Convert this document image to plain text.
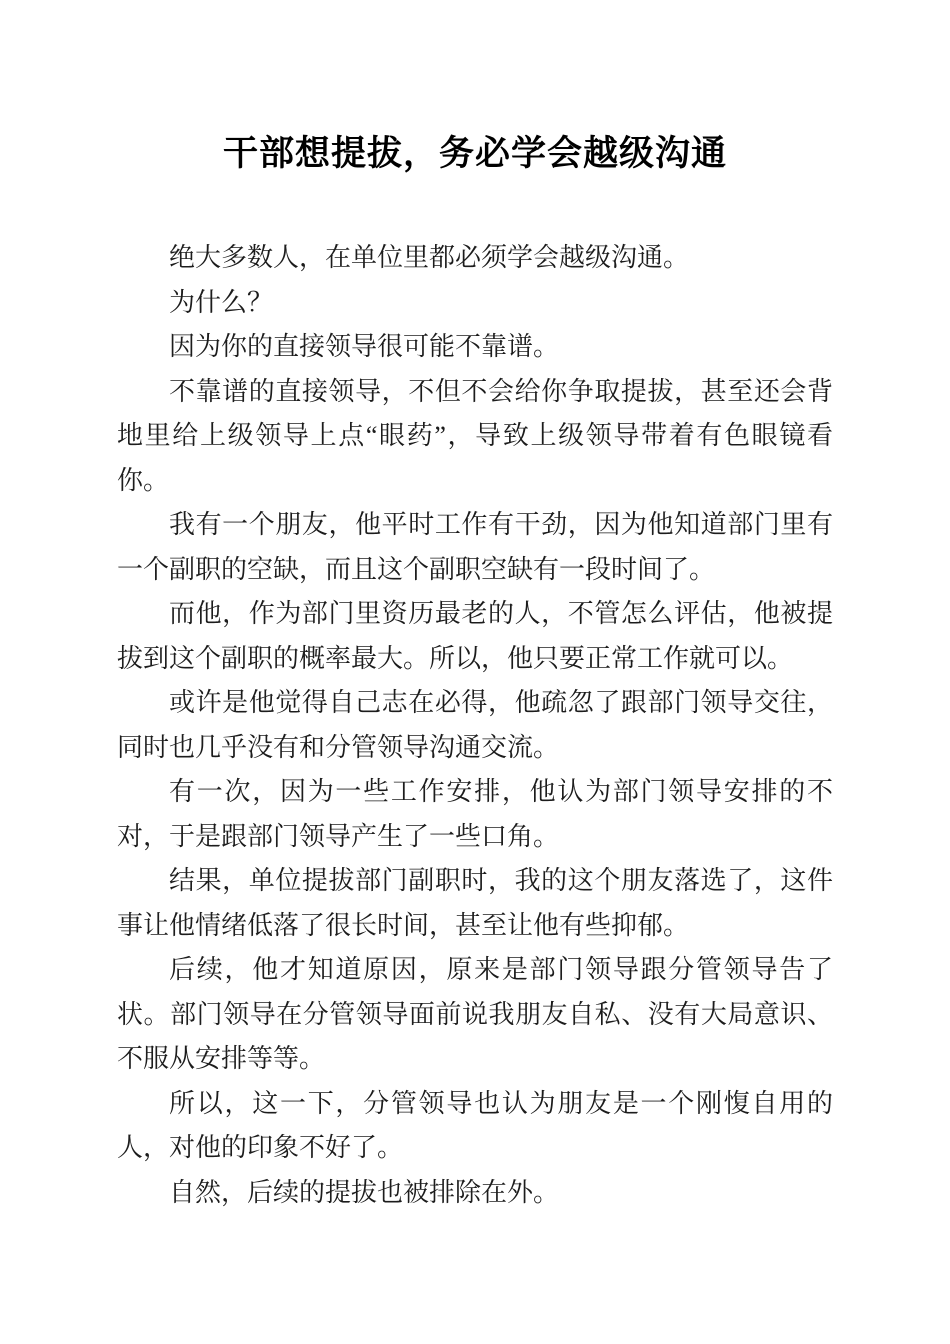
干部想提拔，务必学会越级沟通

绝大多数人，在单位里都必须学会越级沟通。

为什么？

因为你的直接领导很可能不靠谱。

不靠谱的直接领导，不但不会给你争取提拔，甚至还会背地里给上级领导上点“眼药”，导致上级领导带着有色眼镜看你。

我有一个朋友，他平时工作有干劲，因为他知道部门里有一个副职的空缺，而且这个副职空缺有一段时间了。

而他，作为部门里资历最老的人，不管怎么评估，他被提拔到这个副职的概率最大。所以，他只要正常工作就可以。

或许是他觉得自己志在必得，他疏忽了跟部门领导交往，同时也几乎没有和分管领导沟通交流。

有一次，因为一些工作安排，他认为部门领导安排的不对，于是跟部门领导产生了一些口角。

结果，单位提拔部门副职时，我的这个朋友落选了，这件事让他情绪低落了很长时间，甚至让他有些抑郁。

后续，他才知道原因，原来是部门领导跟分管领导告了状。部门领导在分管领导面前说我朋友自私、没有大局意识、不服从安排等等。

所以，这一下，分管领导也认为朋友是一个刚愎自用的人，对他的印象不好了。

自然，后续的提拔也被排除在外。
